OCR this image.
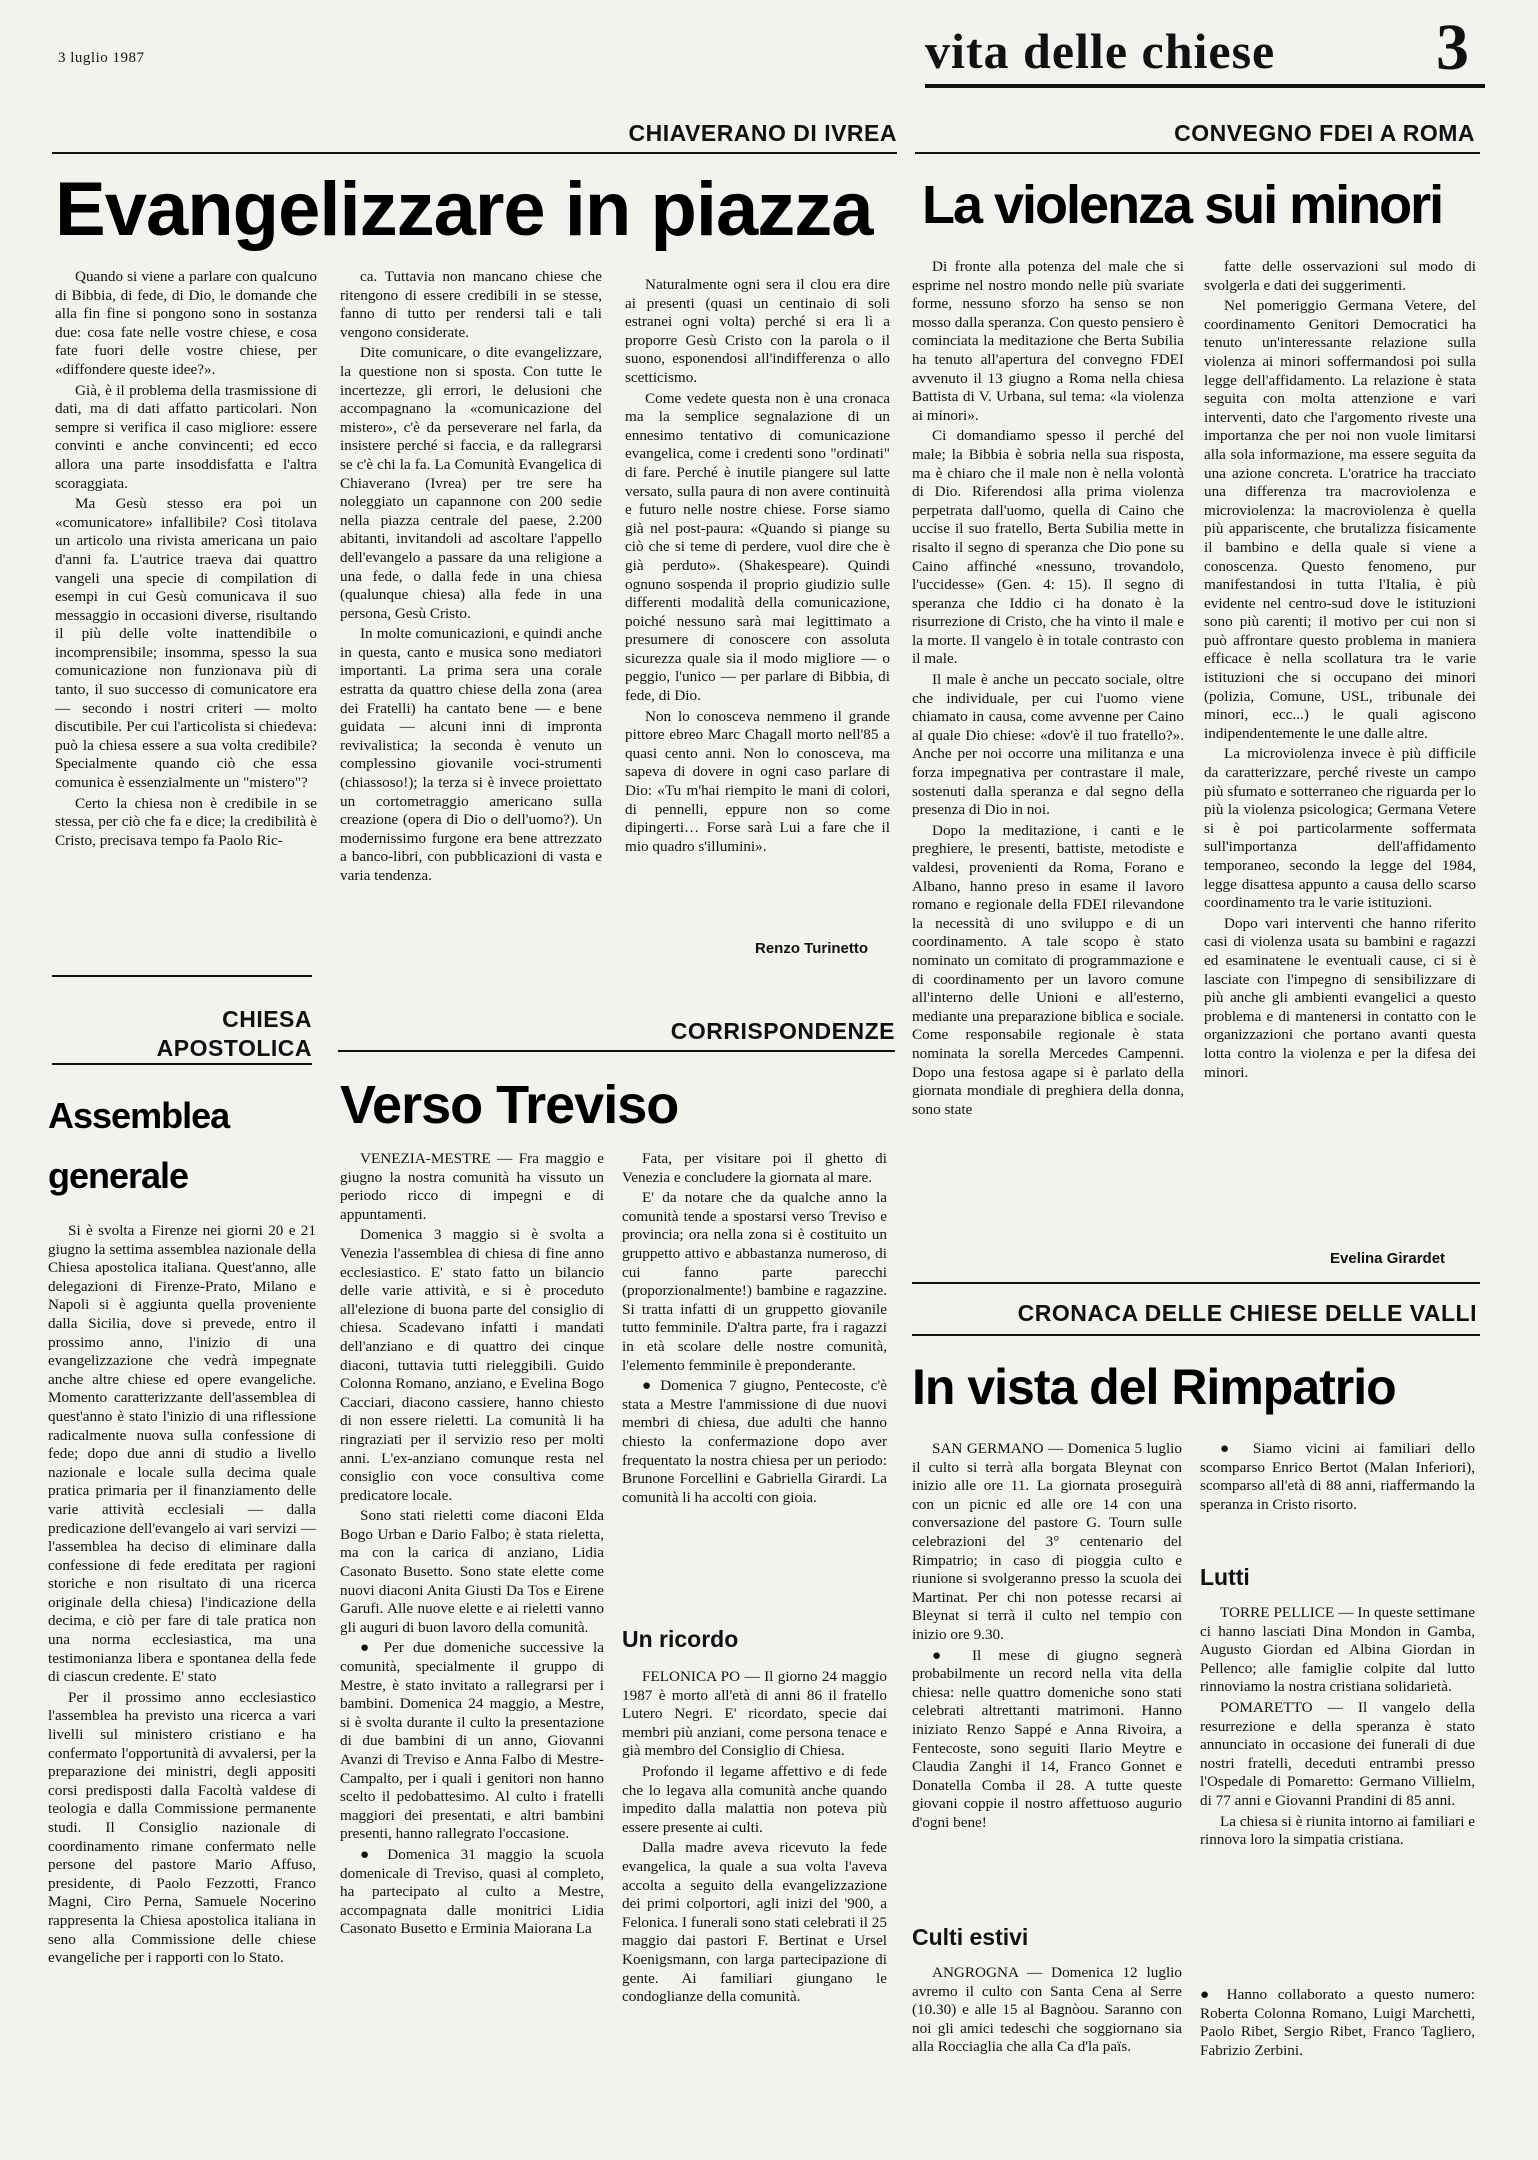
3 luglio 1987	vita delle chiese 3
CHIAVERANO DI IVREA
Evangelizzare in piazza

Quando si viene a parlare con qualcuno di Bibbia, di fede, di Dio, le domande che alla fin fine si pongono sono in sostanza due: cosa fate nelle vostre chiese, e cosa fate fuori delle vostre chiese, per «diffondere queste idee?».

Già, è il problema della trasmissione di dati, ma di dati affatto particolari. Non sempre si verifica il caso migliore: essere convinti e anche convincenti; ed ecco allora una parte insoddisfatta e l'altra scoraggiata.

Ma Gesù stesso era poi un «comunicatore» infallibile? Così titolava un articolo una rivista americana un paio d'anni fa. L'autrice traeva dai quattro vangeli una specie di compilation di esempi in cui Gesù comunicava il suo messaggio in occasioni diverse, risultando il più delle volte inattendibile o incomprensibile; insomma, spesso la sua comunicazione non funzionava più di tanto, il suo successo di comunicatore era — secondo i nostri criteri — molto discutibile. Per cui l'articolista si chiedeva: può la chiesa essere a sua volta credibile? Specialmente quando ciò che essa comunica è essenzialmente un "mistero"?

Certo la chiesa non è credibile in se stessa, per ciò che fa e dice; la credibilità è Cristo, precisava tempo fa Paolo Ric-

ca. Tuttavia non mancano chiese che ritengono di essere credibili in se stesse, fanno di tutto per rendersi tali e tali vengono considerate.

Dite comunicare, o dite evangelizzare, la questione non si sposta. Con tutte le incertezze, gli errori, le delusioni che accompagnano la «comunicazione del mistero», c'è da perseverare nel farla, da insistere perché si faccia, e da rallegrarsi se c'è chi la fa. La Comunità Evangelica di Chiaverano (Ivrea) per tre sere ha noleggiato un capannone con 200 sedie nella piazza centrale del paese, 2.200 abitanti, invitandoli ad ascoltare l'appello dell'evangelo a passare da una religione a una fede, o dalla fede in una chiesa (qualunque chiesa) alla fede in una persona, Gesù Cristo.

In molte comunicazioni, e quindi anche in questa, canto e musica sono mediatori importanti. La prima sera una corale estratta da quattro chiese della zona (area dei Fratelli) ha cantato bene — e bene guidata — alcuni inni di impronta revivalistica; la seconda è venuto un complessino giovanile voci-strumenti (chiassoso!); la terza si è invece proiettato un cortometraggio americano sulla creazione (opera di Dio o dell'uomo?). Un modernissimo furgone era bene attrezzato a banco-libri, con pubblicazioni di vasta e varia tendenza.

Naturalmente ogni sera il clou era dire ai presenti (quasi un centinaio di soli estranei ogni volta) perché si era lì a proporre Gesù Cristo con la parola o il suono, esponendosi all'indifferenza o allo scetticismo.

Come vedete questa non è una cronaca ma la semplice segnalazione di un ennesimo tentativo di comunicazione evangelica, come i credenti sono "ordinati" di fare. Perché è inutile piangere sul latte versato, sulla paura di non avere continuità e futuro nelle nostre chiese. Forse siamo già nel post-paura: «Quando si piange su ciò che si teme di perdere, vuol dire che è già perduto». (Shakespeare). Quindi ognuno sospenda il proprio giudizio sulle differenti modalità della comunicazione, poiché nessuno sarà mai legittimato a presumere di conoscere con assoluta sicurezza quale sia il modo migliore — o peggio, l'unico — per parlare di Bibbia, di fede, di Dio.

Non lo conosceva nemmeno il grande pittore ebreo Marc Chagall morto nell'85 a quasi cento anni. Non lo conosceva, ma sapeva di dovere in ogni caso parlare di Dio: «Tu m'hai riempito le mani di colori, di pennelli, eppure non so come dipingerti… Forse sarà Lui a fare che il mio quadro s'illumini».

Renzo Turinetto
CONVEGNO FDEI A ROMA
La violenza sui minori

Di fronte alla potenza del male che si esprime nel nostro mondo nelle più svariate forme, nessuno sforzo ha senso se non mosso dalla speranza. Con questo pensiero è cominciata la meditazione che Berta Subilia ha tenuto all'apertura del convegno FDEI avvenuto il 13 giugno a Roma nella chiesa Battista di V. Urbana, sul tema: «la violenza ai minori».

Ci domandiamo spesso il perché del male; la Bibbia è sobria nella sua risposta, ma è chiaro che il male non è nella volontà di Dio. Riferendosi alla prima violenza perpetrata dall'uomo, quella di Caino che uccise il suo fratello, Berta Subilia mette in risalto il segno di speranza che Dio pone su Caino affinché «nessuno, trovandolo, l'uccidesse» (Gen. 4: 15). Il segno di speranza che Iddio ci ha donato è la risurrezione di Cristo, che ha vinto il male e la morte. Il vangelo è in totale contrasto con il male.

Il male è anche un peccato sociale, oltre che individuale, per cui l'uomo viene chiamato in causa, come avvenne per Caino al quale Dio chiese: «dov'è il tuo fratello?». Anche per noi occorre una militanza e una forza impegnativa per contrastare il male, sostenuti dalla speranza e dal segno della presenza di Dio in noi.

Dopo la meditazione, i canti e le preghiere, le presenti, battiste, metodiste e valdesi, provenienti da Roma, Forano e Albano, hanno preso in esame il lavoro romano e regionale della FDEI rilevandone la necessità di uno sviluppo e di un coordinamento. A tale scopo è stato nominato un comitato di programmazione e di coordinamento per un lavoro comune all'interno delle Unioni e all'esterno, mediante una preparazione biblica e sociale. Come responsabile regionale è stata nominata la sorella Mercedes Campenni. Dopo una festosa agape si è parlato della giornata mondiale di preghiera della donna, sono state

fatte delle osservazioni sul modo di svolgerla e dati dei suggerimenti.

Nel pomeriggio Germana Vetere, del coordinamento Genitori Democratici ha tenuto un'interessante relazione sulla violenza ai minori soffermandosi poi sulla legge dell'affidamento. La relazione è stata seguita con molta attenzione e vari interventi, dato che l'argomento riveste una importanza che per noi non vuole limitarsi alla sola informazione, ma essere seguita da una azione concreta. L'oratrice ha tracciato una differenza tra macroviolenza e microviolenza: la macroviolenza è quella più appariscente, che brutalizza fisicamente il bambino e della quale si viene a conoscenza. Questo fenomeno, pur manifestandosi in tutta l'Italia, è più evidente nel centro-sud dove le istituzioni sono più carenti; il motivo per cui non si può affrontare questo problema in maniera efficace è nella scollatura tra le varie istituzioni che si occupano dei minori (polizia, Comune, USL, tribunale dei minori, ecc...) le quali agiscono indipendentemente le une dalle altre.

La microviolenza invece è più difficile da caratterizzare, perché riveste un campo più sfumato e sotterraneo che riguarda per lo più la violenza psicologica; Germana Vetere si è poi particolarmente soffermata sull'importanza dell'affidamento temporaneo, secondo la legge del 1984, legge disattesa appunto a causa dello scarso coordinamento tra le varie istituzioni.

Dopo vari interventi che hanno riferito casi di violenza usata su bambini e ragazzi ed esaminatene le eventuali cause, ci si è lasciate con l'impegno di sensibilizzare di più anche gli ambienti evangelici a questo problema e di mantenersi in contatto con le organizzazioni che portano avanti questa lotta contro la violenza e per la difesa dei minori.

Evelina Girardet
CHIESA
APOSTOLICA
Assemblea
generale

Si è svolta a Firenze nei giorni 20 e 21 giugno la settima assemblea nazionale della Chiesa apostolica italiana. Quest'anno, alle delegazioni di Firenze-Prato, Milano e Napoli si è aggiunta quella proveniente dalla Sicilia, dove si prevede, entro il prossimo anno, l'inizio di una evangelizzazione che vedrà impegnate anche altre chiese ed opere evangeliche. Momento caratterizzante dell'assemblea di quest'anno è stato l'inizio di una riflessione radicalmente nuova sulla confessione di fede; dopo due anni di studio a livello nazionale e locale sulla decima quale pratica primaria per il finanziamento delle varie attività ecclesiali — dalla predicazione dell'evangelo ai vari servizi — l'assemblea ha deciso di eliminare dalla confessione di fede ereditata per ragioni storiche e non risultato di una ricerca originale della chiesa) l'indicazione della decima, e ciò per fare di tale pratica non una norma ecclesiastica, ma una testimonianza libera e spontanea della fede di ciascun credente. E' stato

Per il prossimo anno ecclesiastico l'assemblea ha previsto una ricerca a vari livelli sul ministero cristiano e ha confermato l'opportunità di avvalersi, per la preparazione dei ministri, degli appositi corsi predisposti dalla Facoltà valdese di teologia e dalla Commissione permanente studi. Il Consiglio nazionale di coordinamento rimane confermato nelle persone del pastore Mario Affuso, presidente, di Paolo Fezzotti, Franco Magni, Ciro Perna, Samuele Nocerino rappresenta la Chiesa apostolica italiana in seno alla Commissione delle chiese evangeliche per i rapporti con lo Stato.

CORRISPONDENZE
Verso Treviso

VENEZIA-MESTRE — Fra maggio e giugno la nostra comunità ha vissuto un periodo ricco di impegni e di appuntamenti.

Domenica 3 maggio si è svolta a Venezia l'assemblea di chiesa di fine anno ecclesiastico. E' stato fatto un bilancio delle varie attività, e si è proceduto all'elezione di buona parte del consiglio di chiesa. Scadevano infatti i mandati dell'anziano e di quattro dei cinque diaconi, tuttavia tutti rieleggibili. Guido Colonna Romano, anziano, e Evelina Bogo Cacciari, diacono cassiere, hanno chiesto di non essere rieletti. La comunità li ha ringraziati per il servizio reso per molti anni. L'ex-anziano comunque resta nel consiglio con voce consultiva come predicatore locale.

Sono stati rieletti come diaconi Elda Bogo Urban e Dario Falbo; è stata rieletta, ma con la carica di anziano, Lidia Casonato Busetto. Sono state elette come nuovi diaconi Anita Giusti Da Tos e Eirene Garufi. Alle nuove elette e ai rieletti vanno gli auguri di buon lavoro della comunità.

● Per due domeniche successive la comunità, specialmente il gruppo di Mestre, è stato invitato a rallegrarsi per i bambini. Domenica 24 maggio, a Mestre, si è svolta durante il culto la presentazione di due bambini di un anno, Giovanni Avanzi di Treviso e Anna Falbo di Mestre-Campalto, per i quali i genitori non hanno scelto il pedobattesimo. Al culto i fratelli maggiori dei presentati, e altri bambini presenti, hanno rallegrato l'occasione.

● Domenica 31 maggio la scuola domenicale di Treviso, quasi al completo, ha partecipato al culto a Mestre, accompagnata dalle monitrici Lidia Casonato Busetto e Erminia Maiorana La

Fata, per visitare poi il ghetto di Venezia e concludere la giornata al mare.

E' da notare che da qualche anno la comunità tende a spostarsi verso Treviso e provincia; ora nella zona si è costituito un gruppetto attivo e abbastanza numeroso, di cui fanno parte parecchi (proporzionalmente!) bambine e ragazzine. Si tratta infatti di un gruppetto giovanile tutto femminile. D'altra parte, fra i ragazzi in età scolare delle nostre comunità, l'elemento femminile è preponderante.

● Domenica 7 giugno, Pentecoste, c'è stata a Mestre l'ammissione di due nuovi membri di chiesa, due adulti che hanno chiesto la confermazione dopo aver frequentato la nostra chiesa per un periodo: Brunone Forcellini e Gabriella Girardi. La comunità li ha accolti con gioia.

Un ricordo

FELONICA PO — Il giorno 24 maggio 1987 è morto all'età di anni 86 il fratello Lutero Negri. E' ricordato, specie dai membri più anziani, come persona tenace e già membro del Consiglio di Chiesa.

Profondo il legame affettivo e di fede che lo legava alla comunità anche quando impedito dalla malattia non poteva più essere presente ai culti.

Dalla madre aveva ricevuto la fede evangelica, la quale a sua volta l'aveva accolta a seguito della evangelizzazione dei primi colportori, agli inizi del '900, a Felonica. I funerali sono stati celebrati il 25 maggio dai pastori F. Bertinat e Ursel Koenigsmann, con larga partecipazione di gente. Ai familiari giungano le condoglianze della comunità.

CRONACA DELLE CHIESE DELLE VALLI
In vista del Rimpatrio

SAN GERMANO — Domenica 5 luglio il culto si terrà alla borgata Bleynat con inizio alle ore 11. La giornata proseguirà con un picnic ed alle ore 14 con una conversazione del pastore G. Tourn sulle celebrazioni del 3° centenario del Rimpatrio; in caso di pioggia culto e riunione si svolgeranno presso la scuola dei Martinat. Per chi non potesse recarsi ai Bleynat si terrà il culto nel tempio con inizio ore 9.30.

● Il mese di giugno segnerà probabilmente un record nella vita della chiesa: nelle quattro domeniche sono stati celebrati altrettanti matrimoni. Hanno iniziato Renzo Sappé e Anna Rivoira, a Fentecoste, sono seguiti Ilario Meytre e Claudia Zanghi il 14, Franco Gonnet e Donatella Comba il 28. A tutte queste giovani coppie il nostro affettuoso augurio d'ogni bene!

Culti estivi

ANGROGNA — Domenica 12 luglio avremo il culto con Santa Cena al Serre (10.30) e alle 15 al Bagnòou. Saranno con noi gli amici tedeschi che soggiornano sia alla Rocciaglia che alla Ca d'la païs.

● Siamo vicini ai familiari dello scomparso Enrico Bertot (Malan Inferiori), scomparso all'età di 88 anni, riaffermando la speranza in Cristo risorto.

Lutti

TORRE PELLICE — In queste settimane ci hanno lasciati Dina Mondon in Gamba, Augusto Giordan ed Albina Giordan in Pellenco; alle famiglie colpite dal lutto rinnoviamo la nostra cristiana solidarietà.

POMARETTO — Il vangelo della resurrezione e della speranza è stato annunciato in occasione dei funerali di due nostri fratelli, deceduti entrambi presso l'Ospedale di Pomaretto: Germano Villielm, di 77 anni e Giovanni Prandini di 85 anni.

La chiesa si è riunita intorno ai familiari e rinnova loro la simpatia cristiana.

● Hanno collaborato a questo numero: Roberta Colonna Romano, Luigi Marchetti, Paolo Ribet, Sergio Ribet, Franco Tagliero, Fabrizio Zerbini.
